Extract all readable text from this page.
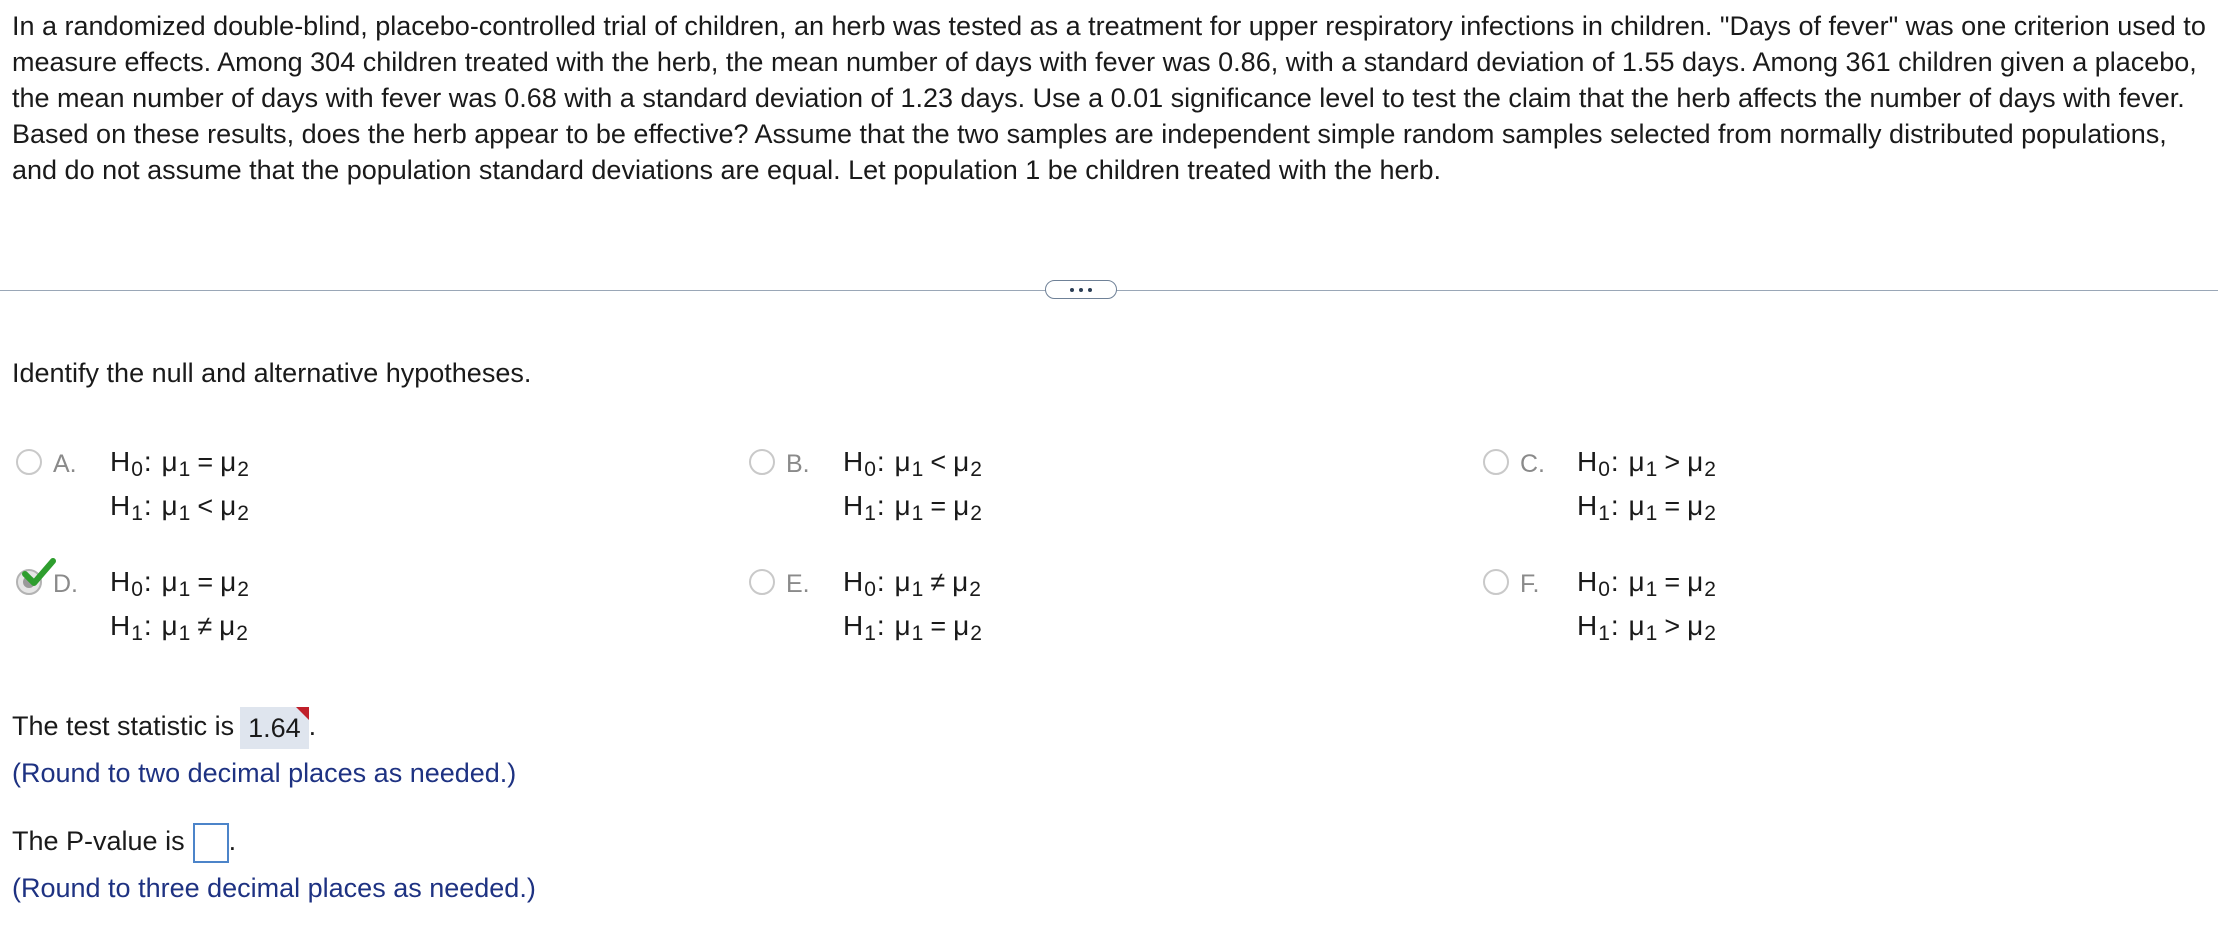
In a randomized double-blind, placebo-controlled trial of children, an herb was tested as a treatment for upper respiratory infections in children. "Days of fever" was one criterion used to measure effects. Among 304 children treated with the herb, the mean number of days with fever was 0.86, with a standard deviation of 1.55 days. Among 361 children given a placebo, the mean number of days with fever was 0.68 with a standard deviation of 1.23 days. Use a 0.01 significance level to test the claim that the herb affects the number of days with fever. Based on these results, does the herb appear to be effective? Assume that the two samples are independent simple random samples selected from normally distributed populations, and do not assume that the population standard deviations are equal. Let population 1 be children treated with the herb.

Identify the null and alternative hypotheses.

A. $H_0$: $\mu_1 = \mu_2$
$H_1$: $\mu_1 < \mu_2$
B. $H_0$: $\mu_1 < \mu_2$
$H_1$: $\mu_1 = \mu_2$
C. $H_0$: $\mu_1 > \mu_2$
$H_1$: $\mu_1 = \mu_2$
D. $H_0$: $\mu_1 = \mu_2$
$H_1$: $\mu_1 \ne \mu_2$
E. $H_0$: $\mu_1 \ne \mu_2$
$H_1$: $\mu_1 = \mu_2$
F. $H_0$: $\mu_1 = \mu_2$
$H_1$: $\mu_1 > \mu_2$
The test statistic is 1.64 .
(Round to two decimal places as needed.)
The P-value is .
(Round to three decimal places as needed.)
